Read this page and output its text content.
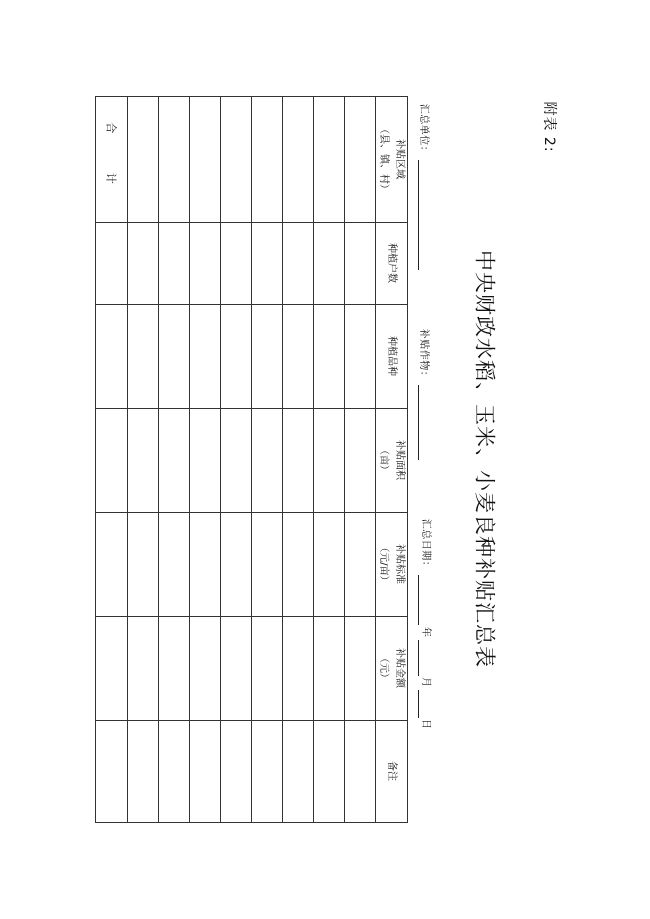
附表 2:
中央财政水稻、玉米、小麦良种补贴汇总表
汇总单位：
补贴作物：
汇总日期：
年
月
日
补贴区域
（县、镇、村）
种植户数
种植品种
补贴面积
（亩）
补贴标准
（元/亩）
补贴金额
（元）
备注
合 计
